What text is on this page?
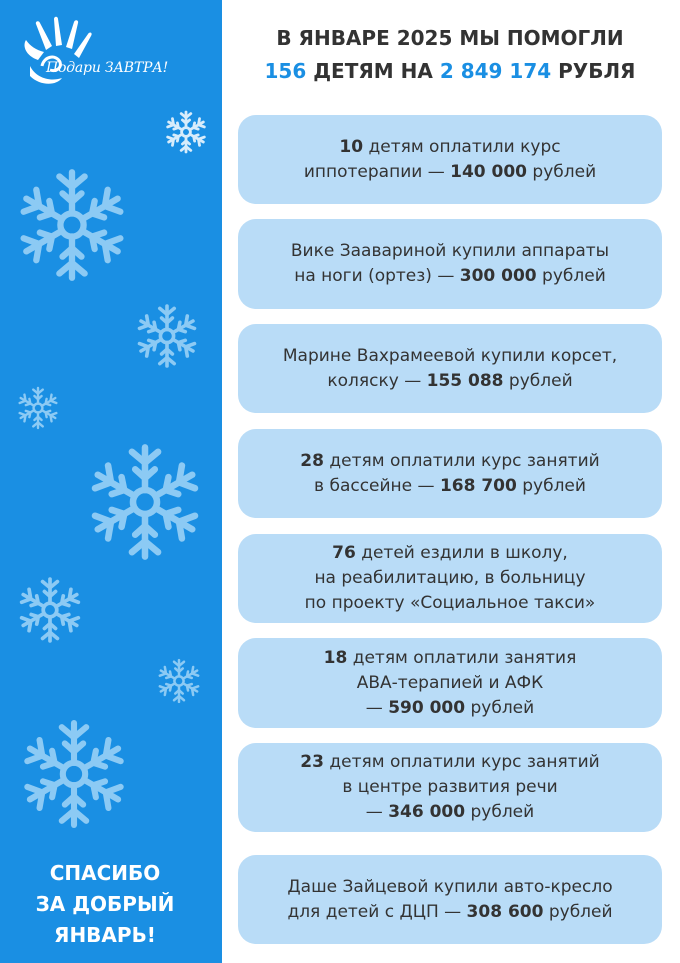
Подари ЗАВТРА!
СПАСИБО
ЗА ДОБРЫЙ
ЯНВАРЬ!
В ЯНВАРЕ 2025 МЫ ПОМОГЛИ
156 ДЕТЯМ НА 2 849 174 РУБЛЯ
10 детям оплатили курс
иппотерапии — 140 000 рублей
Вике Заавариной купили аппараты
на ноги (ортез) — 300 000 рублей
Марине Вахрамеевой купили корсет,
коляску — 155 088 рублей
28 детям оплатили курс занятий
в бассейне — 168 700 рублей
76 детей ездили в школу,
на реабилитацию, в больницу
по проекту «Социальное такси»
18 детям оплатили занятия
АВА-терапией и АФК
— 590 000 рублей
23 детям оплатили курс занятий
в центре развития речи
— 346 000 рублей
Даше Зайцевой купили авто-кресло
для детей с ДЦП — 308 600 рублей
